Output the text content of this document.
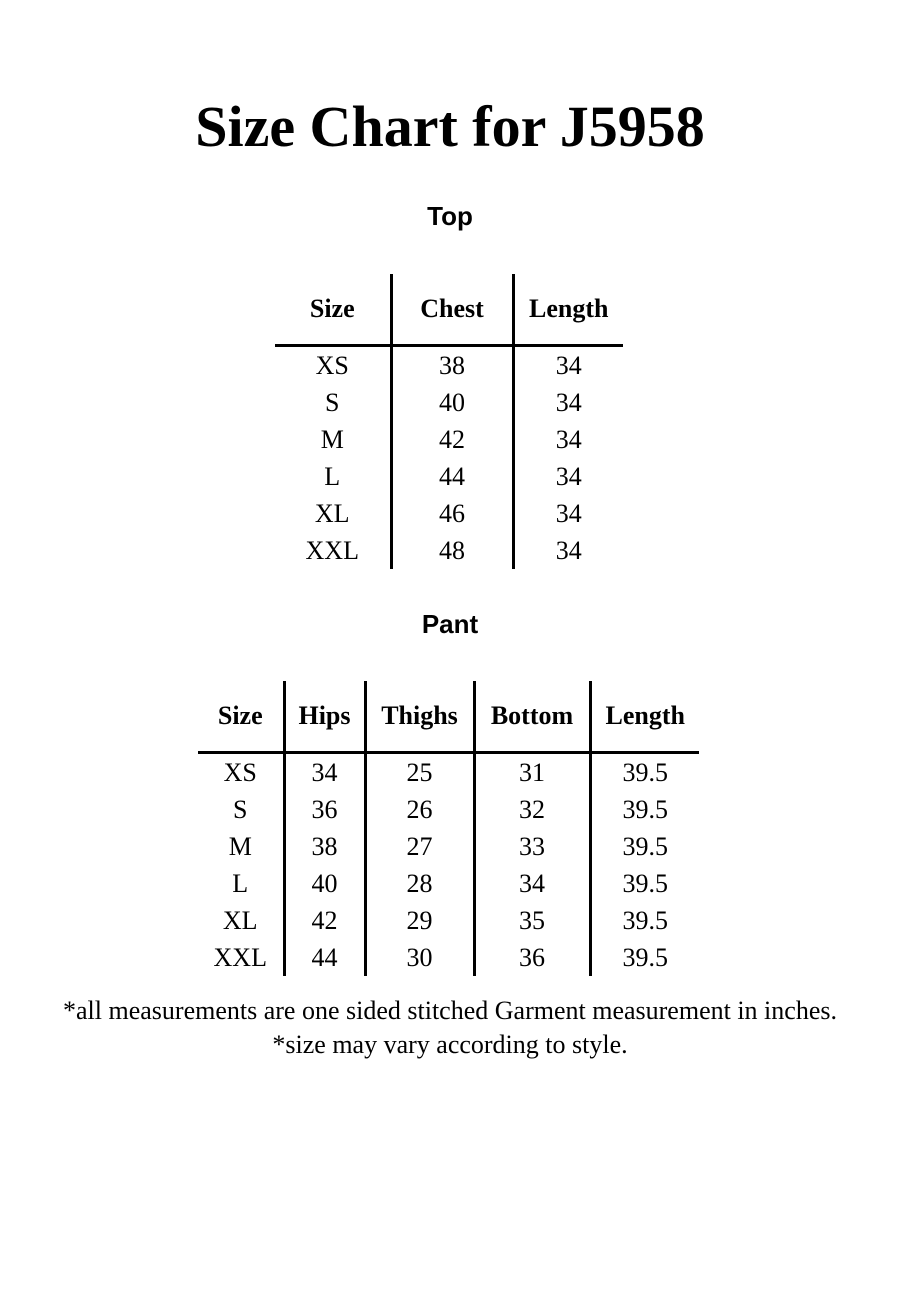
Size Chart for J5958
Top
Size	Chest	Length
XS	38	34
S	40	34
M	42	34
L	44	34
XL	46	34
XXL	48	34
Pant
Size	Hips	Thighs	Bottom	Length
XS	34	25	31	39.5
S	36	26	32	39.5
M	38	27	33	39.5
L	40	28	34	39.5
XL	42	29	35	39.5
XXL	44	30	36	39.5

*all measurements are one sided stitched Garment measurement in inches.

*size may vary according to style.
